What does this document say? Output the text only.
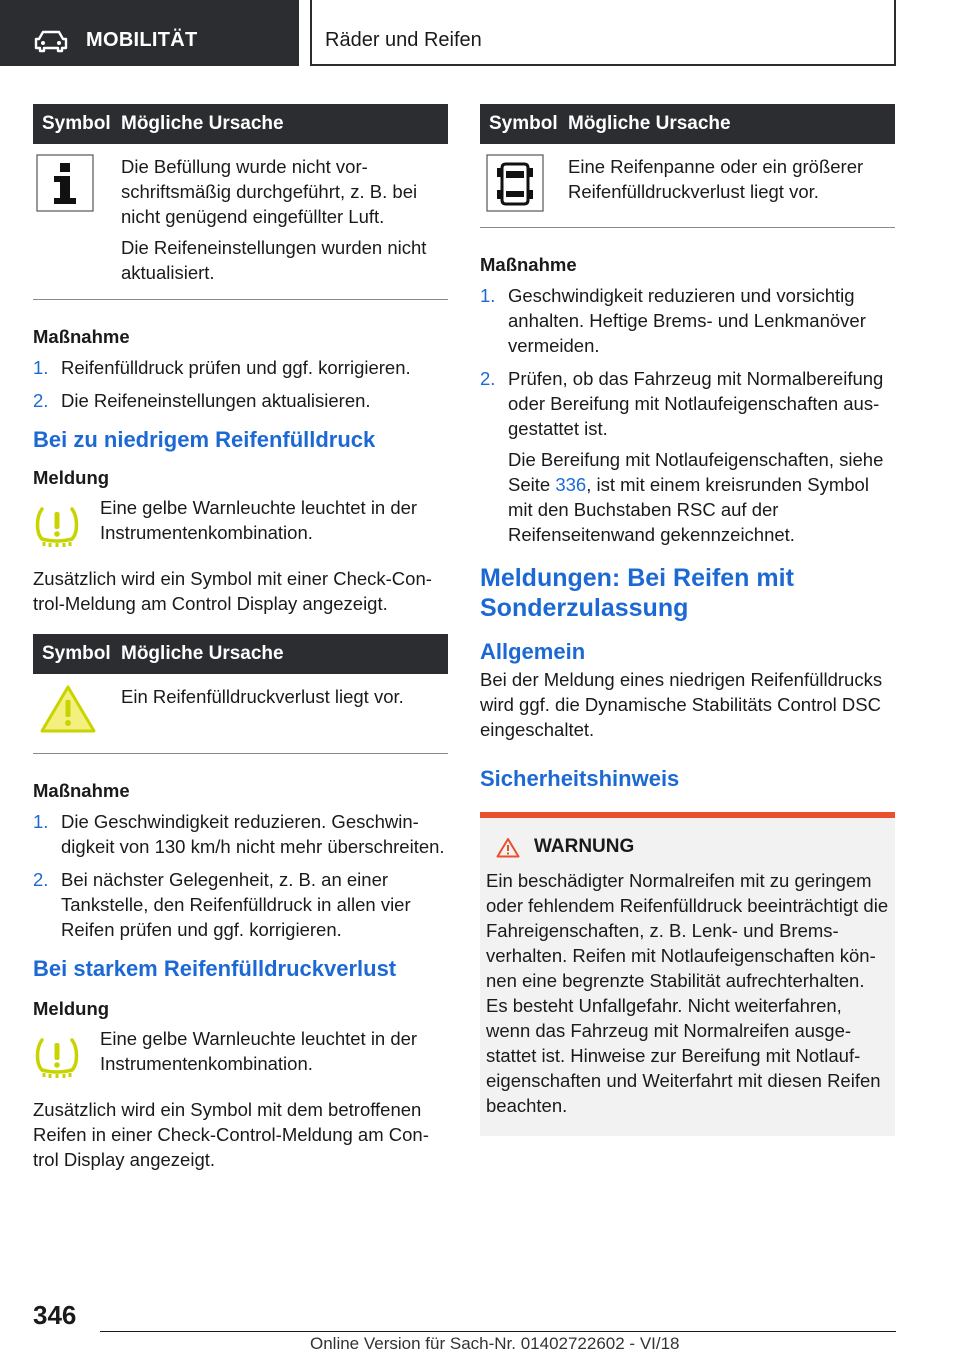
MOBILITÄT	Räder und Reifen
Symbol Mögliche Ursache

Die Befüllung wurde nicht vorschriftsmäßig durchgeführt, z. B. bei nicht genügend eingefüllter Luft.

Die Reifeneinstellungen wurden nicht aktualisiert.

Maßnahme
1. Reifenfülldruck prüfen und ggf. korrigieren.
2. Die Reifeneinstellungen aktualisieren.
Bei zu niedrigem Reifenfülldruck
Meldung
Eine gelbe Warnleuchte leuchtet in der Instrumentenkombination.
Zusätzlich wird ein Symbol mit einer Check-Control-Meldung am Control Display angezeigt.
Symbol Mögliche Ursache
Ein Reifenfülldruckverlust liegt vor.
Maßnahme
1. Die Geschwindigkeit reduzieren. Geschwindigkeit von 130 km/h nicht mehr überschreiten.
2. Bei nächster Gelegenheit, z. B. an einer Tankstelle, den Reifenfülldruck in allen vier Reifen prüfen und ggf. korrigieren.
Bei starkem Reifenfülldruckverlust
Meldung
Eine gelbe Warnleuchte leuchtet in der Instrumentenkombination.
Zusätzlich wird ein Symbol mit dem betroffenen Reifen in einer Check-Control-Meldung am Control Display angezeigt.
Symbol Mögliche Ursache
Eine Reifenpanne oder ein größerer Reifenfülldruckverlust liegt vor.
Maßnahme
1. Geschwindigkeit reduzieren und vorsichtig anhalten. Heftige Brems- und Lenkmanöver vermeiden.
2. Prüfen, ob das Fahrzeug mit Normalbereifung oder Bereifung mit Notlaufeigenschaften ausgestattet ist.

Die Bereifung mit Notlaufeigenschaften, siehe Seite 336, ist mit einem kreisrunden Symbol mit den Buchstaben RSC auf der Reifenseitenwand gekennzeichnet.

Meldungen: Bei Reifen mit Sonderzulassung
Allgemein
Bei der Meldung eines niedrigen Reifenfülldrucks wird ggf. die Dynamische Stabilitäts Control DSC eingeschaltet.
Sicherheitshinweis
WARNUNG
Ein beschädigter Normalreifen mit zu geringem oder fehlendem Reifenfülldruck beeinträchtigt die Fahreigenschaften, z. B. Lenk- und Bremsverhalten. Reifen mit Notlaufeigenschaften können eine begrenzte Stabilität aufrechterhalten. Es besteht Unfallgefahr. Nicht weiterfahren, wenn das Fahrzeug mit Normalreifen ausgestattet ist. Hinweise zur Bereifung mit Notlaufeigenschaften und Weiterfahrt mit diesen Reifen beachten.
346
Online Version für Sach-Nr. 01402722602 - VI/18
